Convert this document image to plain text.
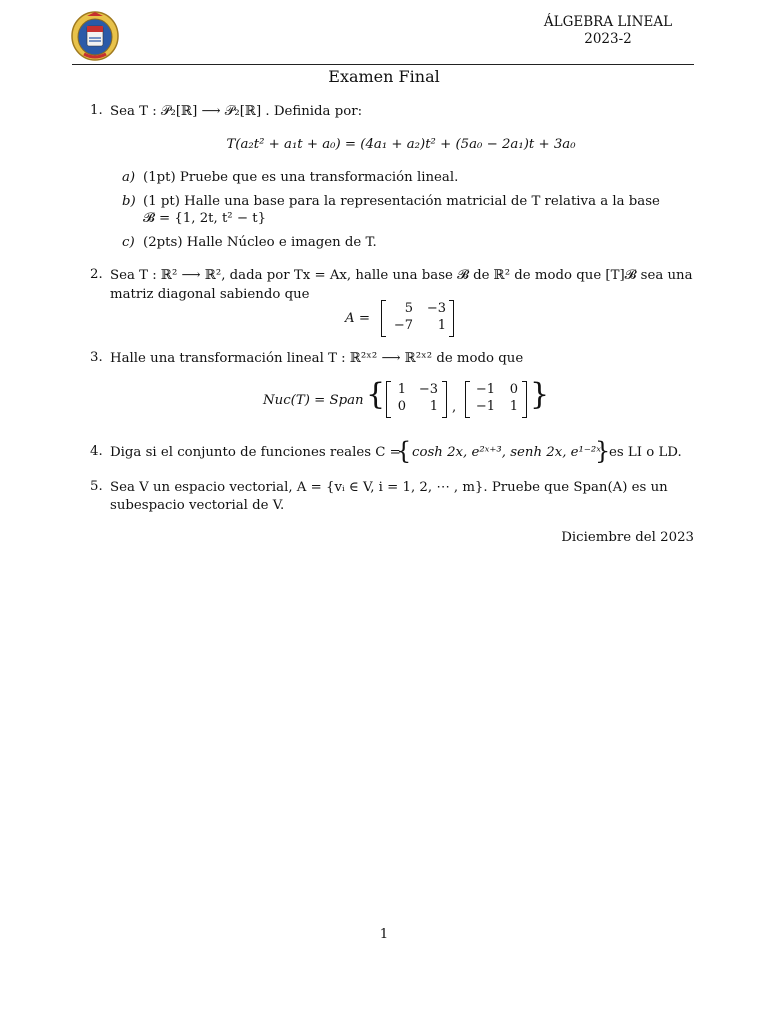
ÁLGEBRA LINEAL
2023-2
Examen Final
1. Sea T : 𝒫₂[ℝ] ⟶ 𝒫₂[ℝ] . Definida por:
T(a₂t² + a₁t + a₀) = (4a₁ + a₂)t² + (5a₀ − 2a₁)t + 3a₀
a) (1pt) Pruebe que es una transformación lineal.
b) (1 pt) Halle una base para la representación matricial de T relativa a la base
𝓑 = {1, 2t, t² − t}
c) (2pts) Halle Núcleo e imagen de T.
2. Sea T : ℝ² ⟶ ℝ², dada por Tx = Ax, halle una base 𝓑 de ℝ² de modo que [T]𝓑 sea una
matriz diagonal sabiendo que
A =
5	−3
−7	1
3. Halle una transformación lineal T : ℝ²ˣ² ⟶ ℝ²ˣ² de modo que
Nuc(T) = Span { 1 −3
0	1 ,
−1	0
−1	1 }
4. Diga si el conjunto de funciones reales C =
{ cosh 2x, e²ˣ⁺³, senh 2x, e¹⁻²ˣ
}
es LI o LD.
5. Sea V un espacio vectorial, A = {vᵢ ∈ V, i = 1, 2, ⋯ , m}. Pruebe que Span(A) es un
subespacio vectorial de V.
Diciembre del 2023
1
